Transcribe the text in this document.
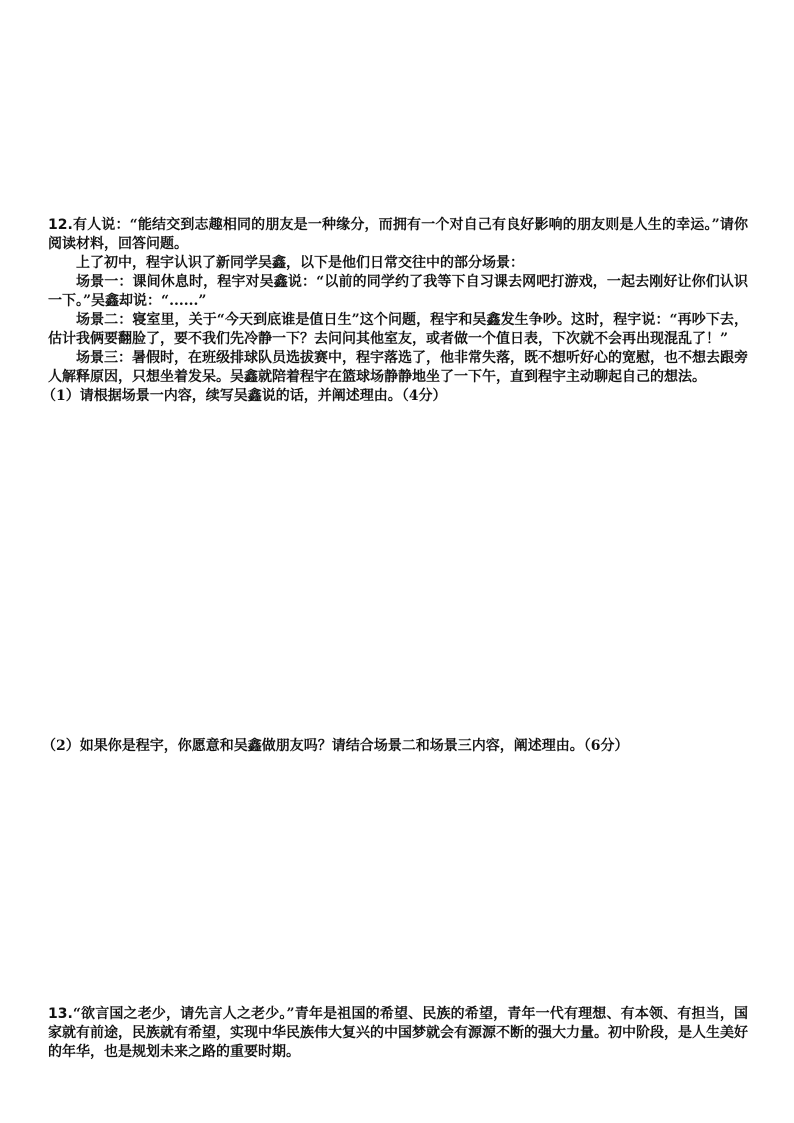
12.有人说：“能结交到志趣相同的朋友是一种缘分，而拥有一个对自己有良好影响的朋友则是人生的幸运。”请你阅读材料，回答问题。

上了初中，程宇认识了新同学吴鑫，以下是他们日常交往中的部分场景：

场景一：课间休息时，程宇对吴鑫说：“以前的同学约了我等下自习课去网吧打游戏，一起去刚好让你们认识一下。”吴鑫却说：“......”

场景二：寝室里，关于“今天到底谁是值日生”这个问题，程宇和吴鑫发生争吵。这时，程宇说：“再吵下去，估计我俩要翻脸了，要不我们先冷静一下？去问问其他室友，或者做一个值日表，下次就不会再出现混乱了！”

场景三：暑假时，在班级排球队员选拔赛中，程宇落选了，他非常失落，既不想听好心的宽慰，也不想去跟旁人解释原因，只想坐着发呆。吴鑫就陪着程宇在篮球场静静地坐了一下午，直到程宇主动聊起自己的想法。

（1）请根据场景一内容，续写吴鑫说的话，并阐述理由。（4分）

（2）如果你是程宇，你愿意和吴鑫做朋友吗？请结合场景二和场景三内容，阐述理由。（6分）

13.“欲言国之老少，请先言人之老少。”青年是祖国的希望、民族的希望，青年一代有理想、有本领、有担当，国家就有前途，民族就有希望，实现中华民族伟大复兴的中国梦就会有源源不断的强大力量。初中阶段，是人生美好的年华，也是规划未来之路的重要时期。
